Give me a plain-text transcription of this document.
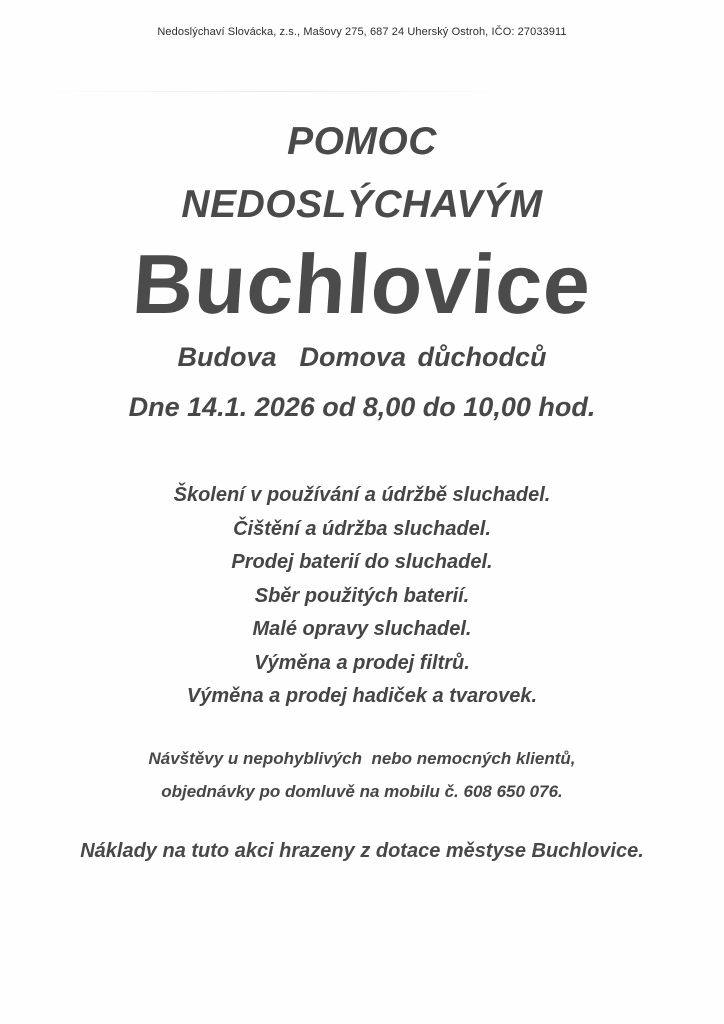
Nedoslýchaví Slovácka, z.s., Mašovy 275, 687 24 Uherský Ostroh, IČO: 27033911
POMOC
NEDOSLÝCHAVÝM
Buchlovice
Budova  Domova důchodců
Dne 14.1. 2026 od 8,00 do 10,00 hod.
Školení v používání a údržbě sluchadel.
Čištění a údržba sluchadel.
Prodej baterií do sluchadel.
Sběr použitých baterií.
Malé opravy sluchadel.
Výměna a prodej filtrů.
Výměna a prodej hadiček a tvarovek.
Návštěvy u nepohyblivých  nebo nemocných klientů,
objednávky po domluvě na mobilu č. 608 650 076.
Náklady na tuto akci hrazeny z dotace městyse Buchlovice.
